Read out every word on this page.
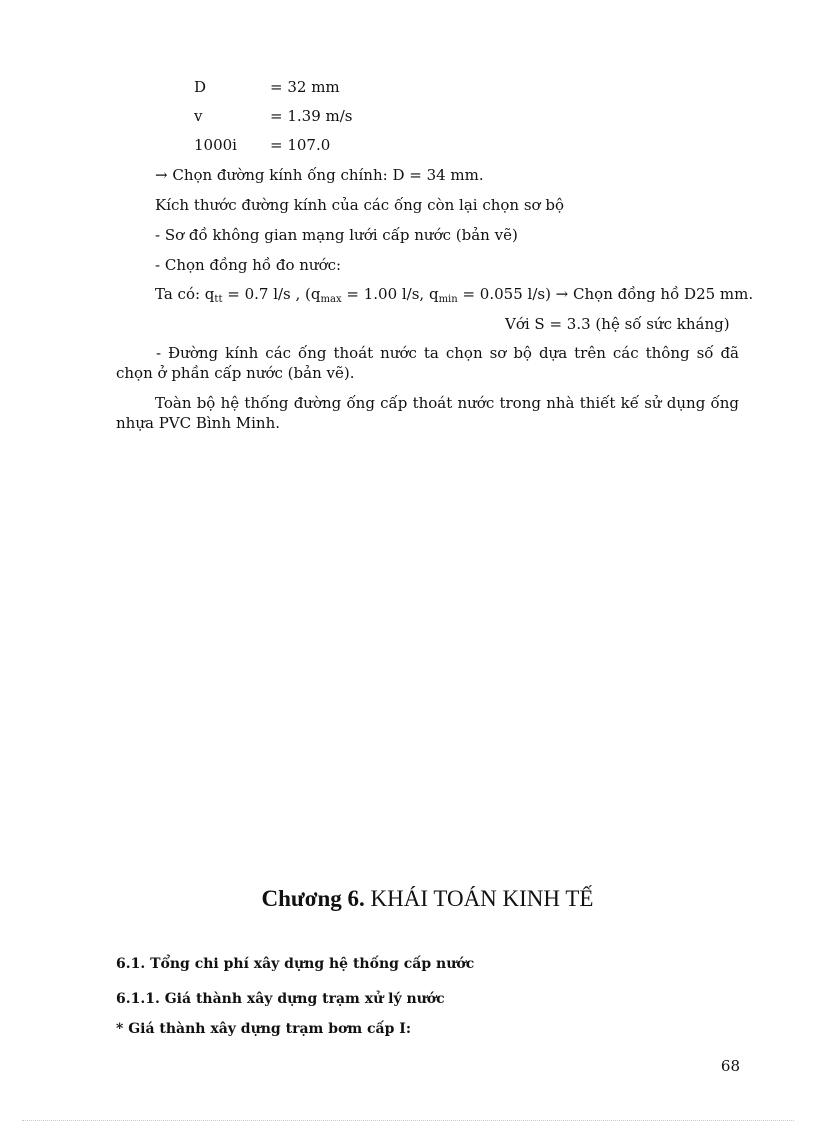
D	= 32 mm
v	= 1.39 m/s
1000i = 107.0
→ Chọn đường kính ống chính: D = 34 mm.
Kích thước đường kính của các ống còn lại chọn sơ bộ
- Sơ đồ không gian mạng lưới cấp nước (bản vẽ)
- Chọn đồng hồ đo nước:
Ta có: $q_{tt} = 0.7$ l/s , ($q_{max} = 1.00$ l/s, $q_{min} = 0.055$ l/s) → Chọn đồng hồ D25 mm.
Với S = 3.3 (hệ số sức kháng)
- Đường kính các ống thoát nước ta chọn sơ bộ dựa trên các thông số đã chọn ở phần cấp nước (bản vẽ).
Toàn bộ hệ thống đường ống cấp thoát nước trong nhà thiết kế sử dụng ống nhựa PVC Bình Minh.
Chương 6. KHÁI TOÁN KINH TẾ
6.1. Tổng chi phí xây dựng hệ thống cấp nước
6.1.1. Giá thành xây dựng trạm xử lý nước
* Giá thành xây dựng trạm bơm cấp I:
68
